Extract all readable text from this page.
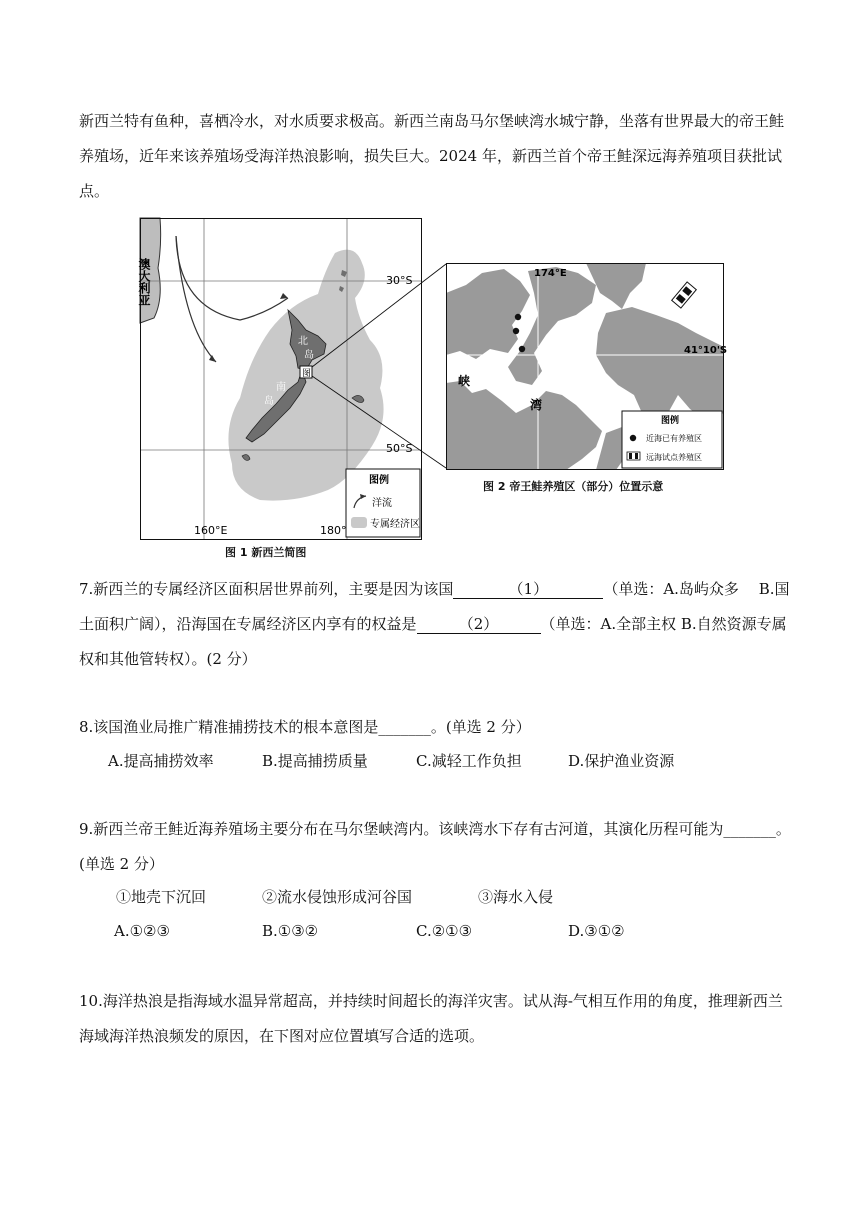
新西兰特有鱼种，喜栖冷水，对水质要求极高。新西兰南岛马尔堡峡湾水城宁静，坐落有世界最大的帝王鲑养殖场，近年来该养殖场受海洋热浪影响，损失巨大。2024 年，新西兰首个帝王鲑深远海养殖项目获批试点。
图
澳大利亚	30°S
50°S
160°E	180°
北
岛
南
岛
图例
洋流
专属经济区
174°E
41°10'S
峡
湾
图例
近海已有养殖区
远海试点养殖区
图 2 帝王鲑养殖区（部分）位置示意
图 1 新西兰简图
7.新西兰的专属经济区面积居世界前列，主要是因为该国	（1）	（单选：A.岛屿众多　 B.国土面积广阔），沿海国在专属经济区内享有的权益是	（2）	（单选：A.全部主权 B.自然资源专属权和其他管转权）。(2 分）
8.该国渔业局推广精准捕捞技术的根本意图是_______。(单选 2 分）
A.提高捕捞效率	B.提高捕捞质量	C.减轻工作负担	D.保护渔业资源
9.新西兰帝王鲑近海养殖场主要分布在马尔堡峡湾内。该峡湾水下存有古河道，其演化历程可能为_______。(单选 2 分）
①地壳下沉回	②流水侵蚀形成河谷国	③海水入侵
A.①②③	B.①③②	C.②①③	D.③①②
10.海洋热浪是指海域水温异常超高，并持续时间超长的海洋灾害。试从海-气相互作用的角度，推理新西兰海域海洋热浪频发的原因，在下图对应位置填写合适的选项。
